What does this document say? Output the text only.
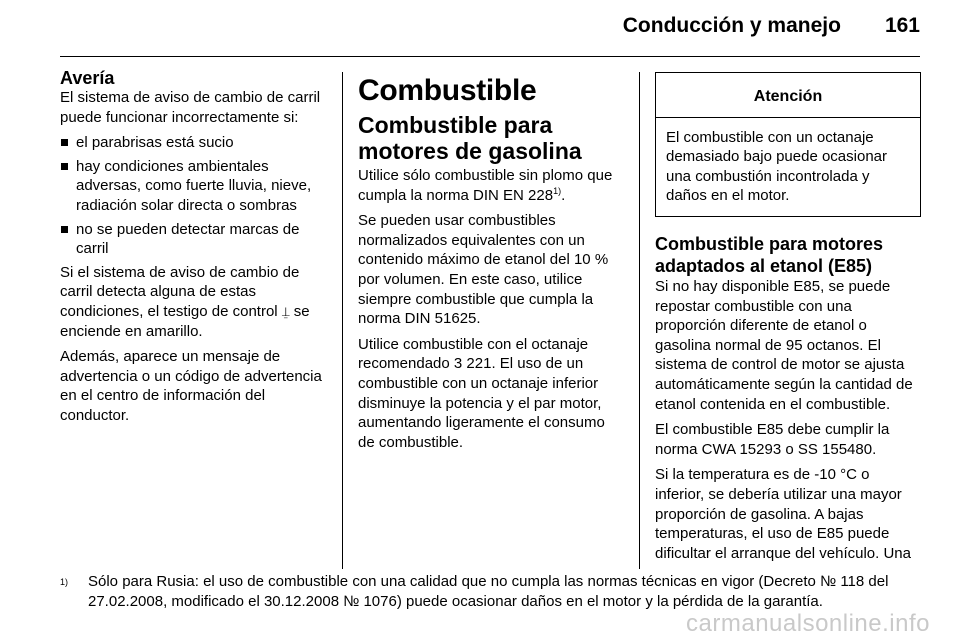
Conducción y manejo 161
Avería

El sistema de aviso de cambio de carril puede funcionar incorrectamente si:

el parabrisas está sucio
hay condiciones ambientales adversas, como fuerte lluvia, nieve, radiación solar directa o sombras
no se pueden detectar marcas de carril

Si el sistema de aviso de cambio de carril detecta alguna de estas condiciones, el testigo de control ⍊ se enciende en amarillo.

Además, aparece un mensaje de advertencia o un código de advertencia en el centro de información del conductor.

Combustible
Combustible para motores de gasolina

Utilice sólo combustible sin plomo que cumpla la norma DIN EN 228$^{1)}$.

Se pueden usar combustibles normalizados equivalentes con un contenido máximo de etanol del 10 % por volumen. En este caso, utilice siempre combustible que cumpla la norma DIN 51625.

Utilice combustible con el octanaje recomendado 3 221. El uso de un combustible con un octanaje inferior disminuye la potencia y el par motor, aumentando ligeramente el consumo de combustible.

Atención
El combustible con un octanaje demasiado bajo puede ocasionar una combustión incontrolada y daños en el motor.
Combustible para motores adaptados al etanol (E85)

Si no hay disponible E85, se puede repostar combustible con una proporción diferente de etanol o gasolina normal de 95 octanos. El sistema de control de motor se ajusta automáticamente según la cantidad de etanol contenida en el combustible.

El combustible E85 debe cumplir la norma CWA 15293 o SS 155480.

Si la temperatura es de -10 °C o inferior, se debería utilizar una mayor proporción de gasolina. A bajas temperaturas, el uso de E85 puede dificultar el arranque del vehículo. Una

1) Sólo para Rusia: el uso de combustible con una calidad que no cumpla las normas técnicas en vigor (Decreto № 118 del 27.02.2008, modificado el 30.12.2008 № 1076) puede ocasionar daños en el motor y la pérdida de la garantía.
carmanualsonline.info
